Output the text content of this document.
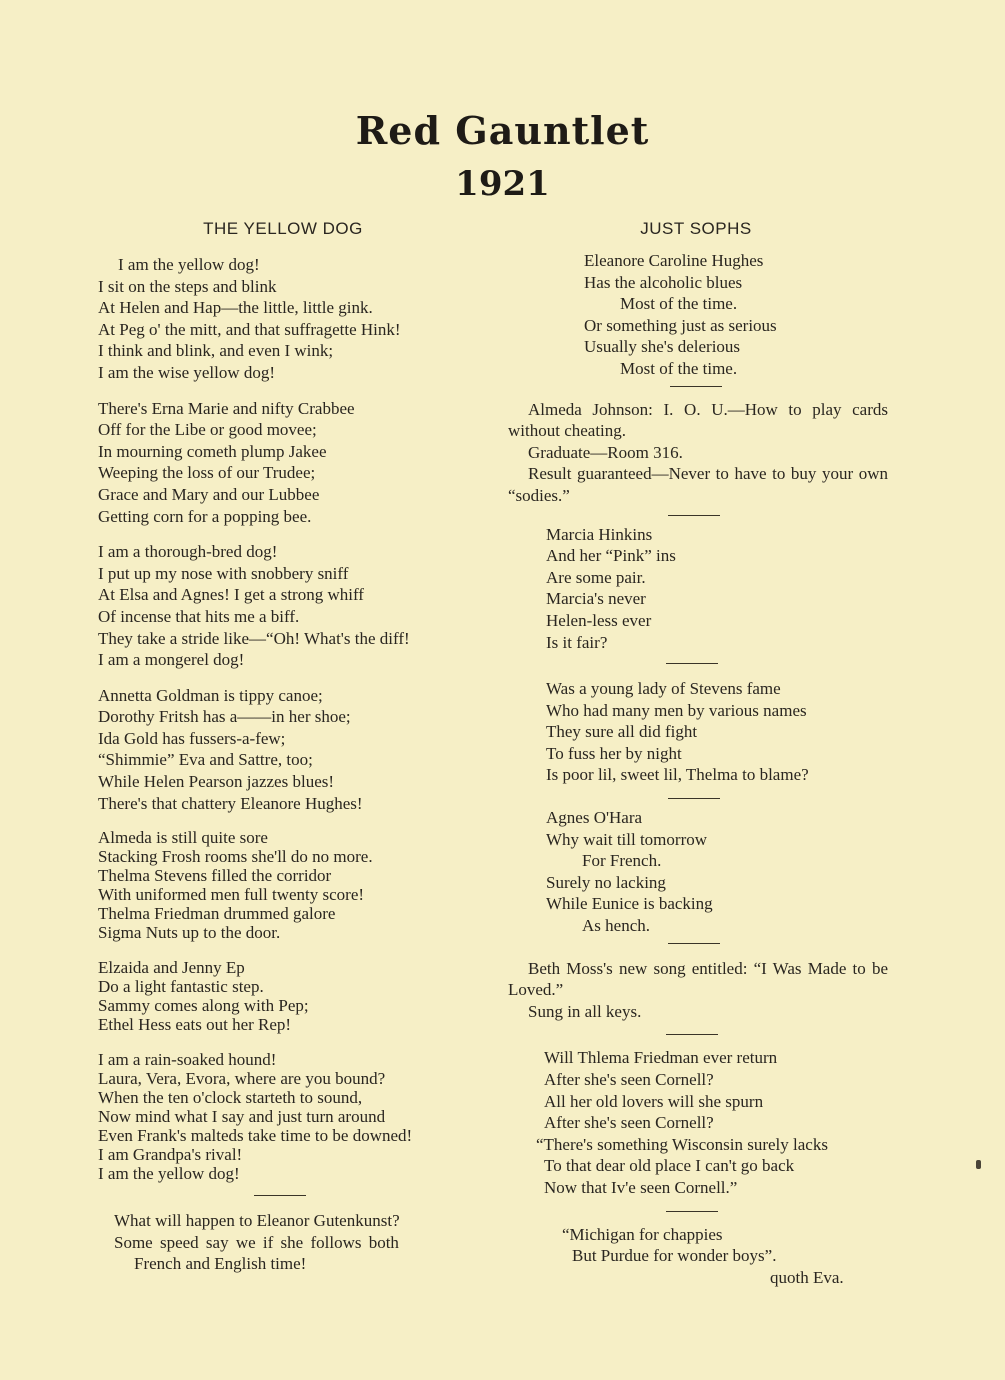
Red Gauntlet
1921
THE YELLOW DOG
I am the yellow dog!
I sit on the steps and blink
At Helen and Hap—the little, little gink.
At Peg o' the mitt, and that suffragette Hink!
I think and blink, and even I wink;
I am the wise yellow dog!
There's Erna Marie and nifty Crabbee
Off for the Libe or good movee;
In mourning cometh plump Jakee
Weeping the loss of our Trudee;
Grace and Mary and our Lubbee
Getting corn for a popping bee.
I am a thorough-bred dog!
I put up my nose with snobbery sniff
At Elsa and Agnes! I get a strong whiff
Of incense that hits me a biff.
They take a stride like—“Oh! What's the diff!
I am a mongerel dog!
Annetta Goldman is tippy canoe;
Dorothy Fritsh has a——in her shoe;
Ida Gold has fussers-a-few;
“Shimmie” Eva and Sattre, too;
While Helen Pearson jazzes blues!
There's that chattery Eleanore Hughes!
Almeda is still quite sore
Stacking Frosh rooms she'll do no more.
Thelma Stevens filled the corridor
With uniformed men full twenty score!
Thelma Friedman drummed galore
Sigma Nuts up to the door.
Elzaida and Jenny Ep
Do a light fantastic step.
Sammy comes along with Pep;
Ethel Hess eats out her Rep!
I am a rain-soaked hound!
Laura, Vera, Evora, where are you bound?
When the ten o'clock starteth to sound,
Now mind what I say and just turn around
Even Frank's malteds take time to be downed!
I am Grandpa's rival!
I am the yellow dog!
What will happen to Eleanor Gutenkunst?
Some speed say we if she follows both
French and English time!
JUST SOPHS
Eleanore Caroline Hughes
Has the alcoholic blues
Most of the time.
Or something just as serious
Usually she's delerious
Most of the time.
Almeda Johnson: I. O. U.—How to play cards without cheating.
Graduate—Room 316.
Result guaranteed—Never to have to buy your own “sodies.”
Marcia Hinkins
And her “Pink” ins
Are some pair.
Marcia's never
Helen-less ever
Is it fair?
Was a young lady of Stevens fame
Who had many men by various names
They sure all did fight
To fuss her by night
Is poor lil, sweet lil, Thelma to blame?
Agnes O'Hara
Why wait till tomorrow
For French.
Surely no lacking
While Eunice is backing
As hench.
Beth Moss's new song entitled: “I Was Made to be Loved.”
Sung in all keys.
Will Thlema Friedman ever return
After she's seen Cornell?
All her old lovers will she spurn
After she's seen Cornell?
“There's something Wisconsin surely lacks
To that dear old place I can't go back
Now that Iv'e seen Cornell.”
“Michigan for chappies
But Purdue for wonder boys”.
quoth Eva.
